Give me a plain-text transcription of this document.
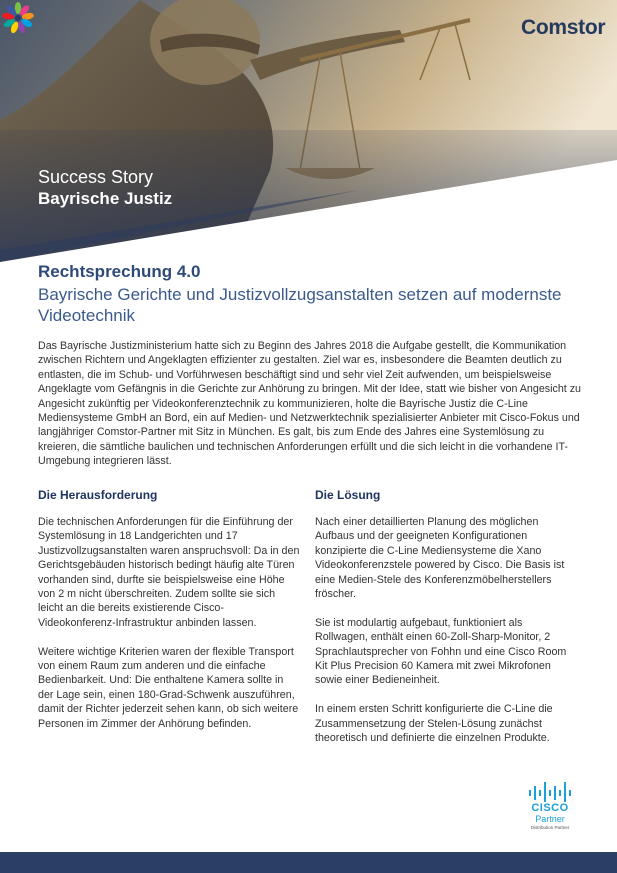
Comstor
Success Story
Bayrische Justiz
Rechtsprechung 4.0
Bayrische Gerichte und Justizvollzugsanstalten setzen auf modernste Videotechnik
Das Bayrische Justizministerium hatte sich zu Beginn des Jahres 2018 die Aufgabe gestellt, die Kommunikation zwischen Richtern und Angeklagten effizienter zu gestalten. Ziel war es, insbesondere die Beamten deutlich zu entlasten, die im Schub- und Vorführwesen beschäftigt sind und sehr viel Zeit aufwenden, um beispielsweise Angeklagte vom Gefängnis in die Gerichte zur Anhörung zu bringen. Mit der Idee, statt wie bisher von Angesicht zu Angesicht zukünftig per Videokonferenztechnik zu kommunizieren, holte die Bayrische Justiz die C-Line Mediensysteme GmbH an Bord, ein auf Medien- und Netzwerktechnik spezialisierter Anbieter mit Cisco-Fokus und langjähriger Comstor-Partner mit Sitz in München. Es galt, bis zum Ende des Jahres eine Systemlösung zu kreieren, die sämtliche baulichen und technischen Anforderungen erfüllt und die sich leicht in die vorhandene IT-Umgebung integrieren lässt.
Die Herausforderung

Die technischen Anforderungen für die Einführung der Systemlösung in 18 Landgerichten und 17 Justizvollzugsanstalten waren anspruchsvoll: Da in den Gerichtsgebäuden historisch bedingt häufig alte Türen vorhanden sind, durfte sie beispielsweise eine Höhe von 2 m nicht überschreiten. Zudem sollte sie sich leicht an die bereits existierende Cisco-Videokonferenz-Infrastruktur anbinden lassen.

Weitere wichtige Kriterien waren der flexible Transport von einem Raum zum anderen und die einfache Bedienbarkeit. Und: Die enthaltene Kamera sollte in der Lage sein, einen 180-Grad-Schwenk auszuführen, damit der Richter jederzeit sehen kann, ob sich weitere Personen im Zimmer der Anhörung befinden.

Die Lösung

Nach einer detaillierten Planung des möglichen Aufbaus und der geeigneten Konfigurationen konzipierte die C-Line Mediensysteme die Xano Videokonferenzstele powered by Cisco. Die Basis ist eine Medien-Stele des Konferenzmöbelherstellers fröscher.

Sie ist modulartig aufgebaut, funktioniert als Rollwagen, enthält einen 60-Zoll-Sharp-Monitor, 2 Sprachlautsprecher von Fohhn und eine Cisco Room Kit Plus Precision 60 Kamera mit zwei Mikrofonen sowie einer Bedieneinheit.

In einem ersten Schritt konfigurierte die C-Line die Zusammensetzung der Stelen-Lösung zunächst theoretisch und definierte die einzelnen Produkte.

CISCO
Partner
Distribution Partner
